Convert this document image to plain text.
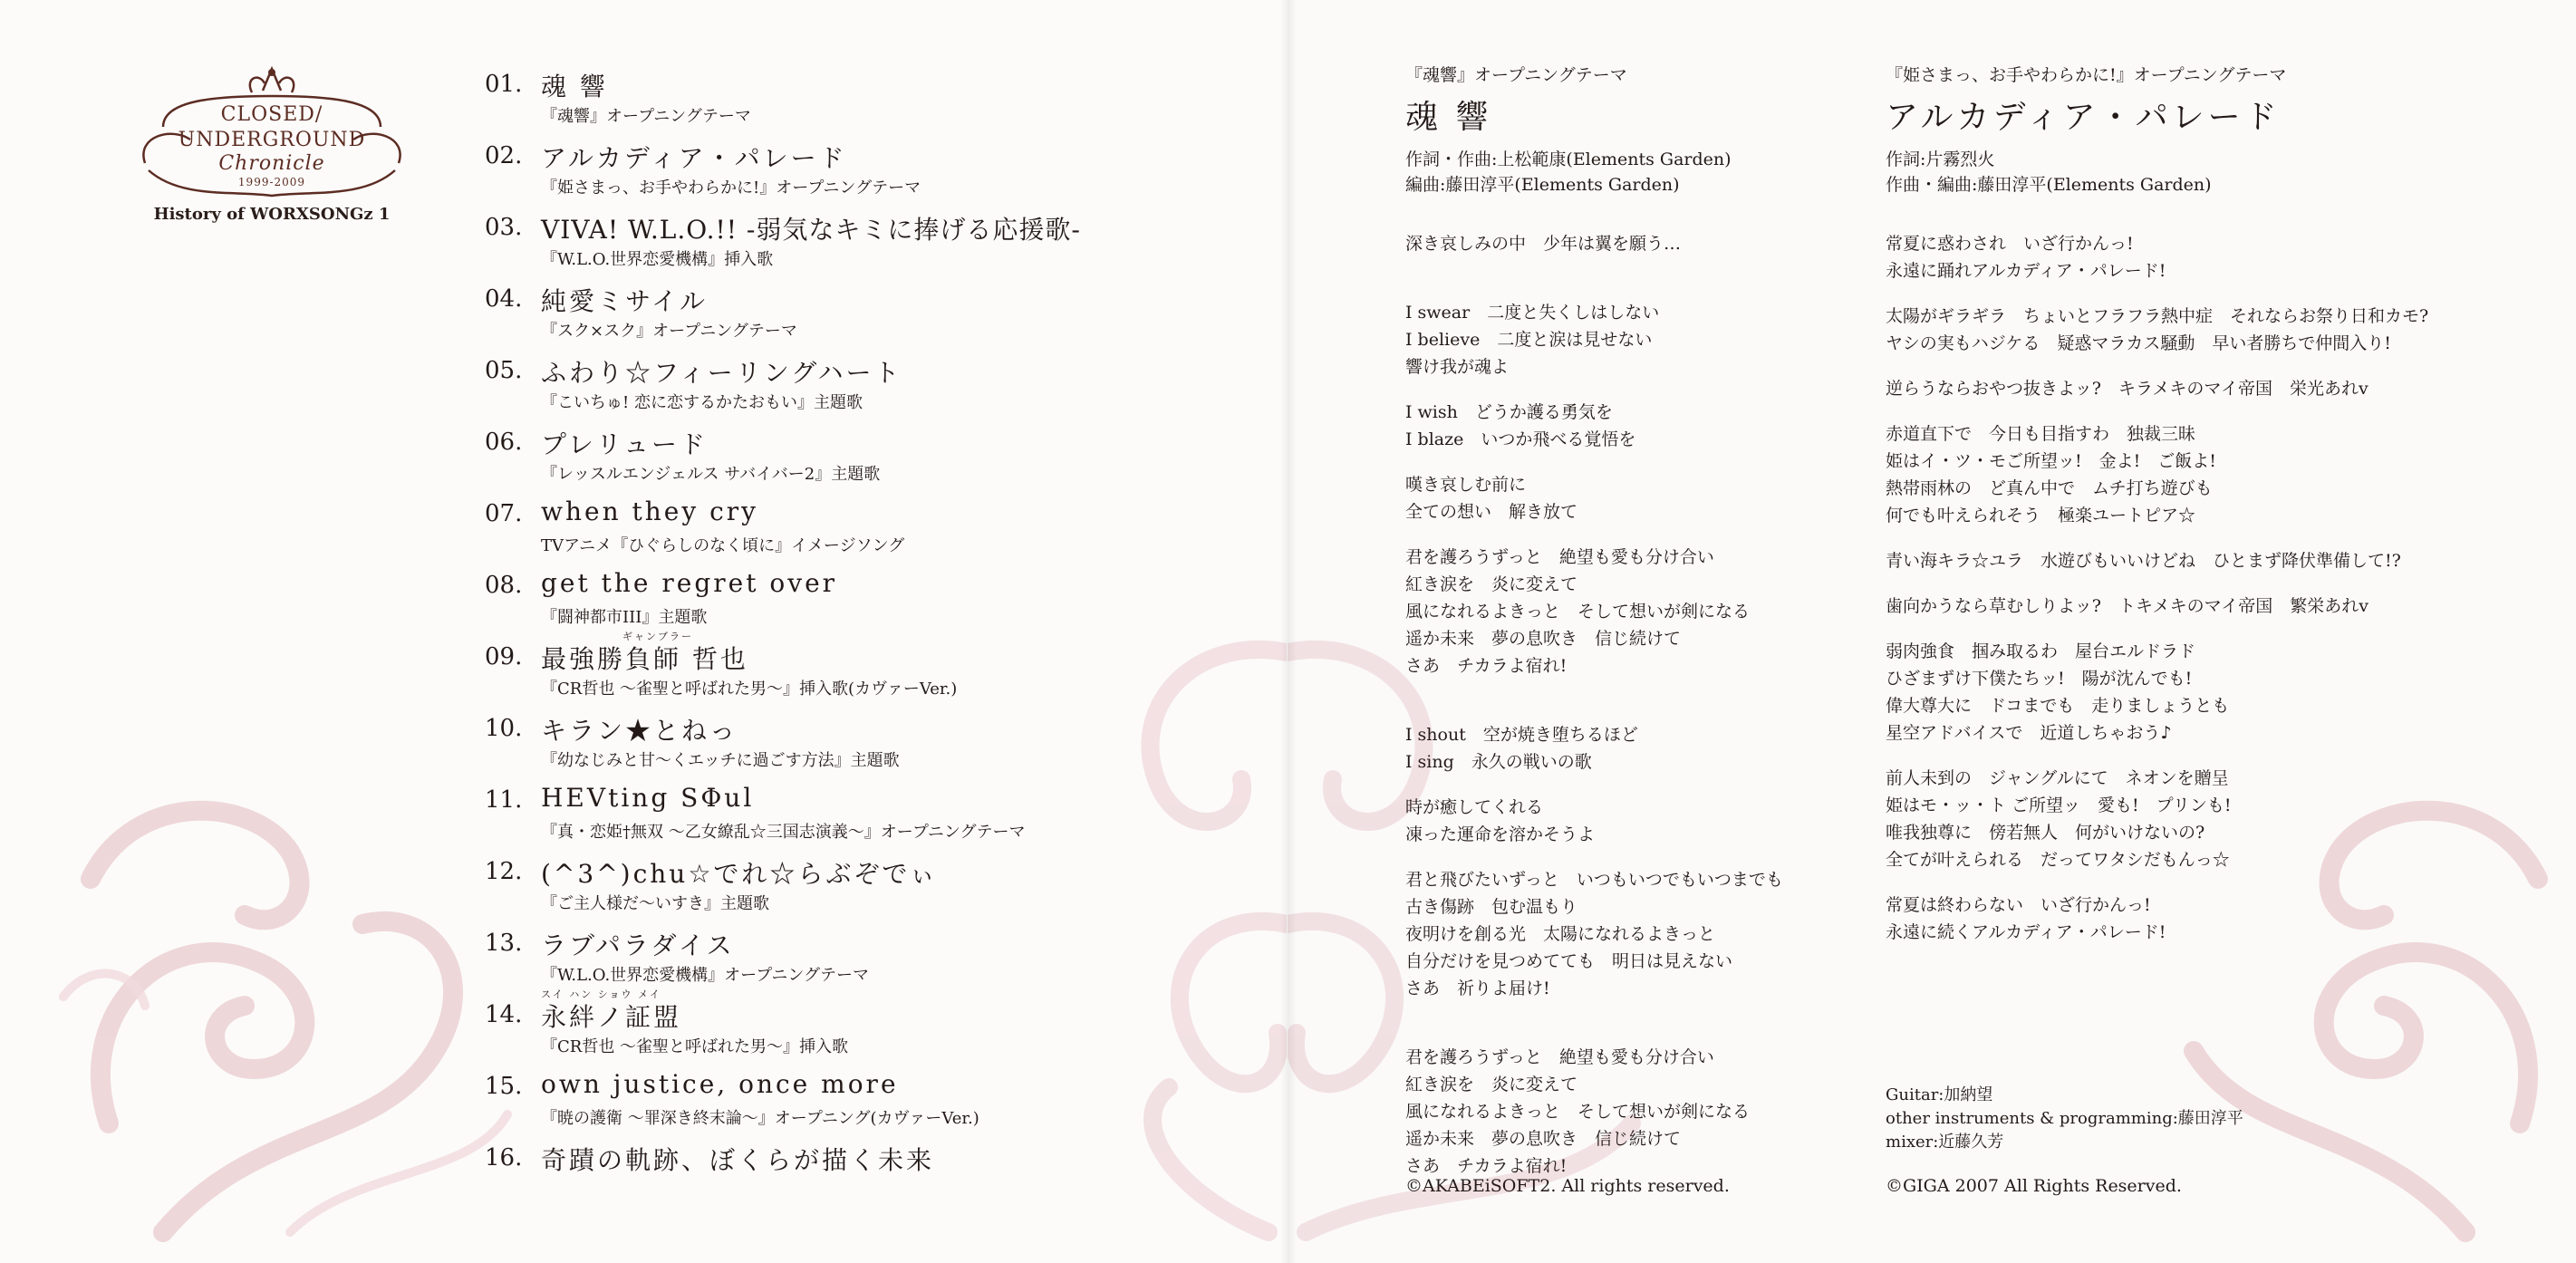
CLOSED/
UNDERGROUND
Chronicle
1999-2009
History of WORXSONGz 1
01. 魂 響
『魂響』オープニングテーマ
02. アルカディア・パレード
『姫さまっ、お手やわらかに!』オープニングテーマ
03. VIVA! W.L.O.!! -弱気なキミに捧げる応援歌-
『W.L.O.世界恋愛機構』挿入歌
04. 純愛ミサイル
『スク×スク』オープニングテーマ
05. ふわり☆フィーリングハート
『こいちゅ! 恋に恋するかたおもい』主題歌
06. プレリュード
『レッスルエンジェルス サバイバー2』主題歌
07. when they cry
TVアニメ『ひぐらしのなく頃に』イメージソング
08. get the regret over
『闘神都市III』主題歌
09.
ギャンブラー
最強勝負師 哲也
『CR哲也 ～雀聖と呼ばれた男～』挿入歌(カヴァーVer.)
10. キラン★とねっ
『幼なじみと甘～くエッチに過ごす方法』主題歌
11. HEVting SΦul
『真・恋姫†無双 ～乙女繚乱☆三国志演義～』オープニングテーマ
12. (^3^)chu☆でれ☆らぶぞでぃ
『ご主人様だ～いすき』主題歌
13. ラブパラダイス
『W.L.O.世界恋愛機構』オープニングテーマ
14.
スイ ハン ショウ メイ
永絆ノ証盟
『CR哲也 ～雀聖と呼ばれた男～』挿入歌
15. own justice, once more
『暁の護衛 ～罪深き終末論～』オープニング(カヴァーVer.)
16. 奇蹟の軌跡、ぼくらが描く未来
『魂響』オープニングテーマ
魂 響
作詞・作曲:上松範康(Elements Garden)
編曲:藤田淳平(Elements Garden)
深き哀しみの中　少年は翼を願う…
I swear　二度と失くしはしない
I believe　二度と涙は見せない
響け我が魂よ
I wish　どうか護る勇気を
I blaze　いつか飛べる覚悟を
嘆き哀しむ前に
全ての想い　解き放て
君を護ろうずっと　絶望も愛も分け合い
紅き涙を　炎に変えて
風になれるよきっと　そして想いが剣になる
遥か未来　夢の息吹き　信じ続けて
さあ　チカラよ宿れ!
I shout　空が焼き堕ちるほど
I sing　永久の戦いの歌
時が癒してくれる
凍った運命を溶かそうよ
君と飛びたいずっと　いつもいつでもいつまでも
古き傷跡　包む温もり
夜明けを創る光　太陽になれるよきっと
自分だけを見つめてても　明日は見えない
さあ　祈りよ届け!
君を護ろうずっと　絶望も愛も分け合い
紅き涙を　炎に変えて
風になれるよきっと　そして想いが剣になる
遥か未来　夢の息吹き　信じ続けて
さあ　チカラよ宿れ!
©AKABEiSOFT2. All rights reserved.
『姫さまっ、お手やわらかに!』オープニングテーマ
アルカディア・パレード
作詞:片霧烈火
作曲・編曲:藤田淳平(Elements Garden)
常夏に惑わされ　いざ行かんっ!
永遠に踊れアルカディア・パレード!
太陽がギラギラ　ちょいとフラフラ熱中症　それならお祭り日和カモ?
ヤシの実もハジケる　疑惑マラカス騒動　早い者勝ちで仲間入り!
逆らうならおやつ抜きよッ?　キラメキのマイ帝国　栄光あれv
赤道直下で　今日も目指すわ　独裁三昧
姫はイ・ツ・モご所望ッ!　金よ!　ご飯よ!
熱帯雨林の　ど真ん中で　ムチ打ち遊びも
何でも叶えられそう　極楽ユートピア☆
青い海キラ☆ユラ　水遊びもいいけどね　ひとまず降伏準備して!?
歯向かうなら草むしりよッ?　トキメキのマイ帝国　繁栄あれv
弱肉強食　掴み取るわ　屋台エルドラド
ひざまずけ下僕たちッ!　陽が沈んでも!
偉大尊大に　ドコまでも　走りましょうとも
星空アドバイスで　近道しちゃおう♪
前人未到の　ジャングルにて　ネオンを贈呈
姫はモ・ッ・ト ご所望ッ　愛も!　プリンも!
唯我独尊に　傍若無人　何がいけないの?
全てが叶えられる　だってワタシだもんっ☆
常夏は終わらない　いざ行かんっ!
永遠に続くアルカディア・パレード!
Guitar:加納望
other instruments & programming:藤田淳平
mixer:近藤久芳
©GIGA 2007 All Rights Reserved.
